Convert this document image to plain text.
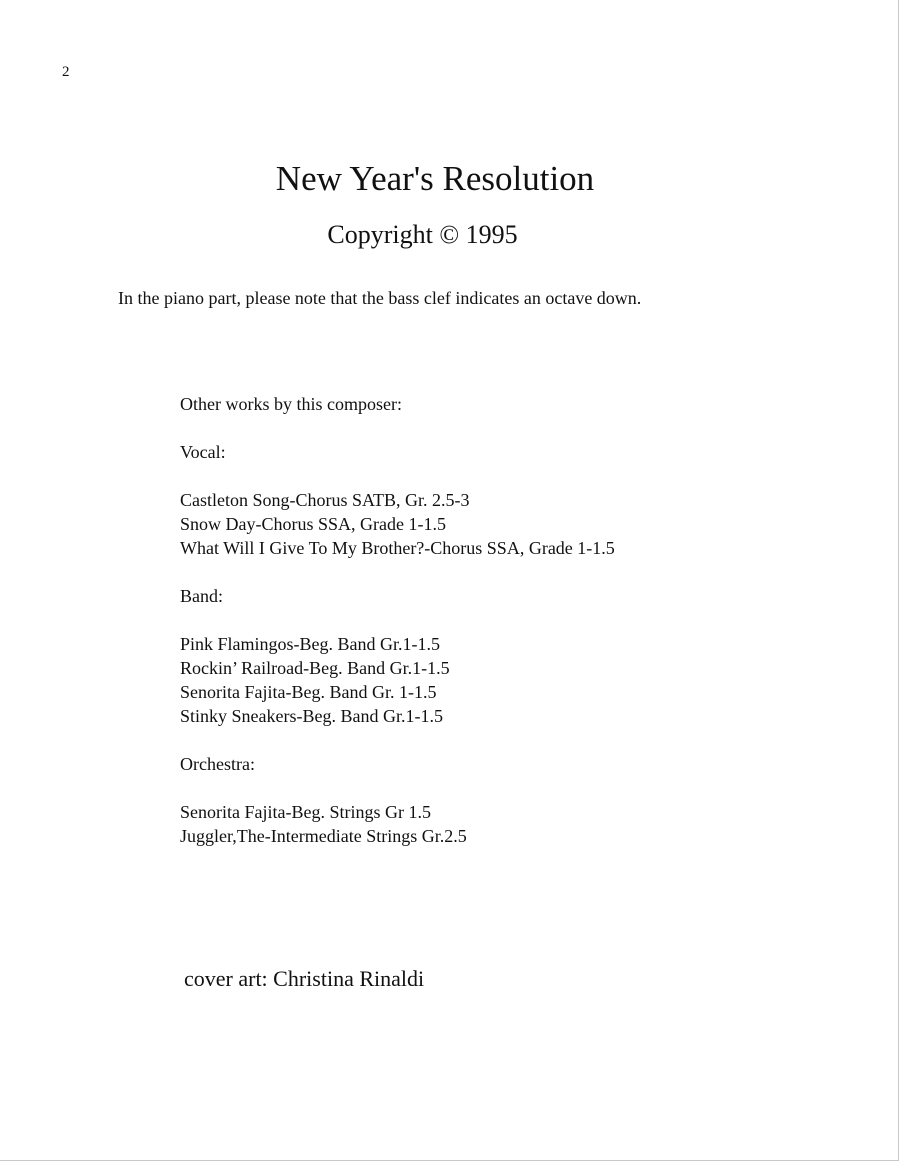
2
New Year's Resolution
Copyright © 1995
In the piano part, please note that the bass clef indicates an octave down.
Other works by this composer:
Vocal:
Castleton Song-Chorus SATB, Gr. 2.5-3
Snow Day-Chorus SSA, Grade 1-1.5
What Will I Give To My Brother?-Chorus SSA, Grade 1-1.5
Band:
Pink Flamingos-Beg. Band Gr.1-1.5
Rockin’ Railroad-Beg. Band Gr.1-1.5
Senorita Fajita-Beg. Band Gr. 1-1.5
Stinky Sneakers-Beg. Band Gr.1-1.5
Orchestra:
Senorita Fajita-Beg. Strings Gr 1.5
Juggler,The-Intermediate Strings Gr.2.5
cover art: Christina Rinaldi
